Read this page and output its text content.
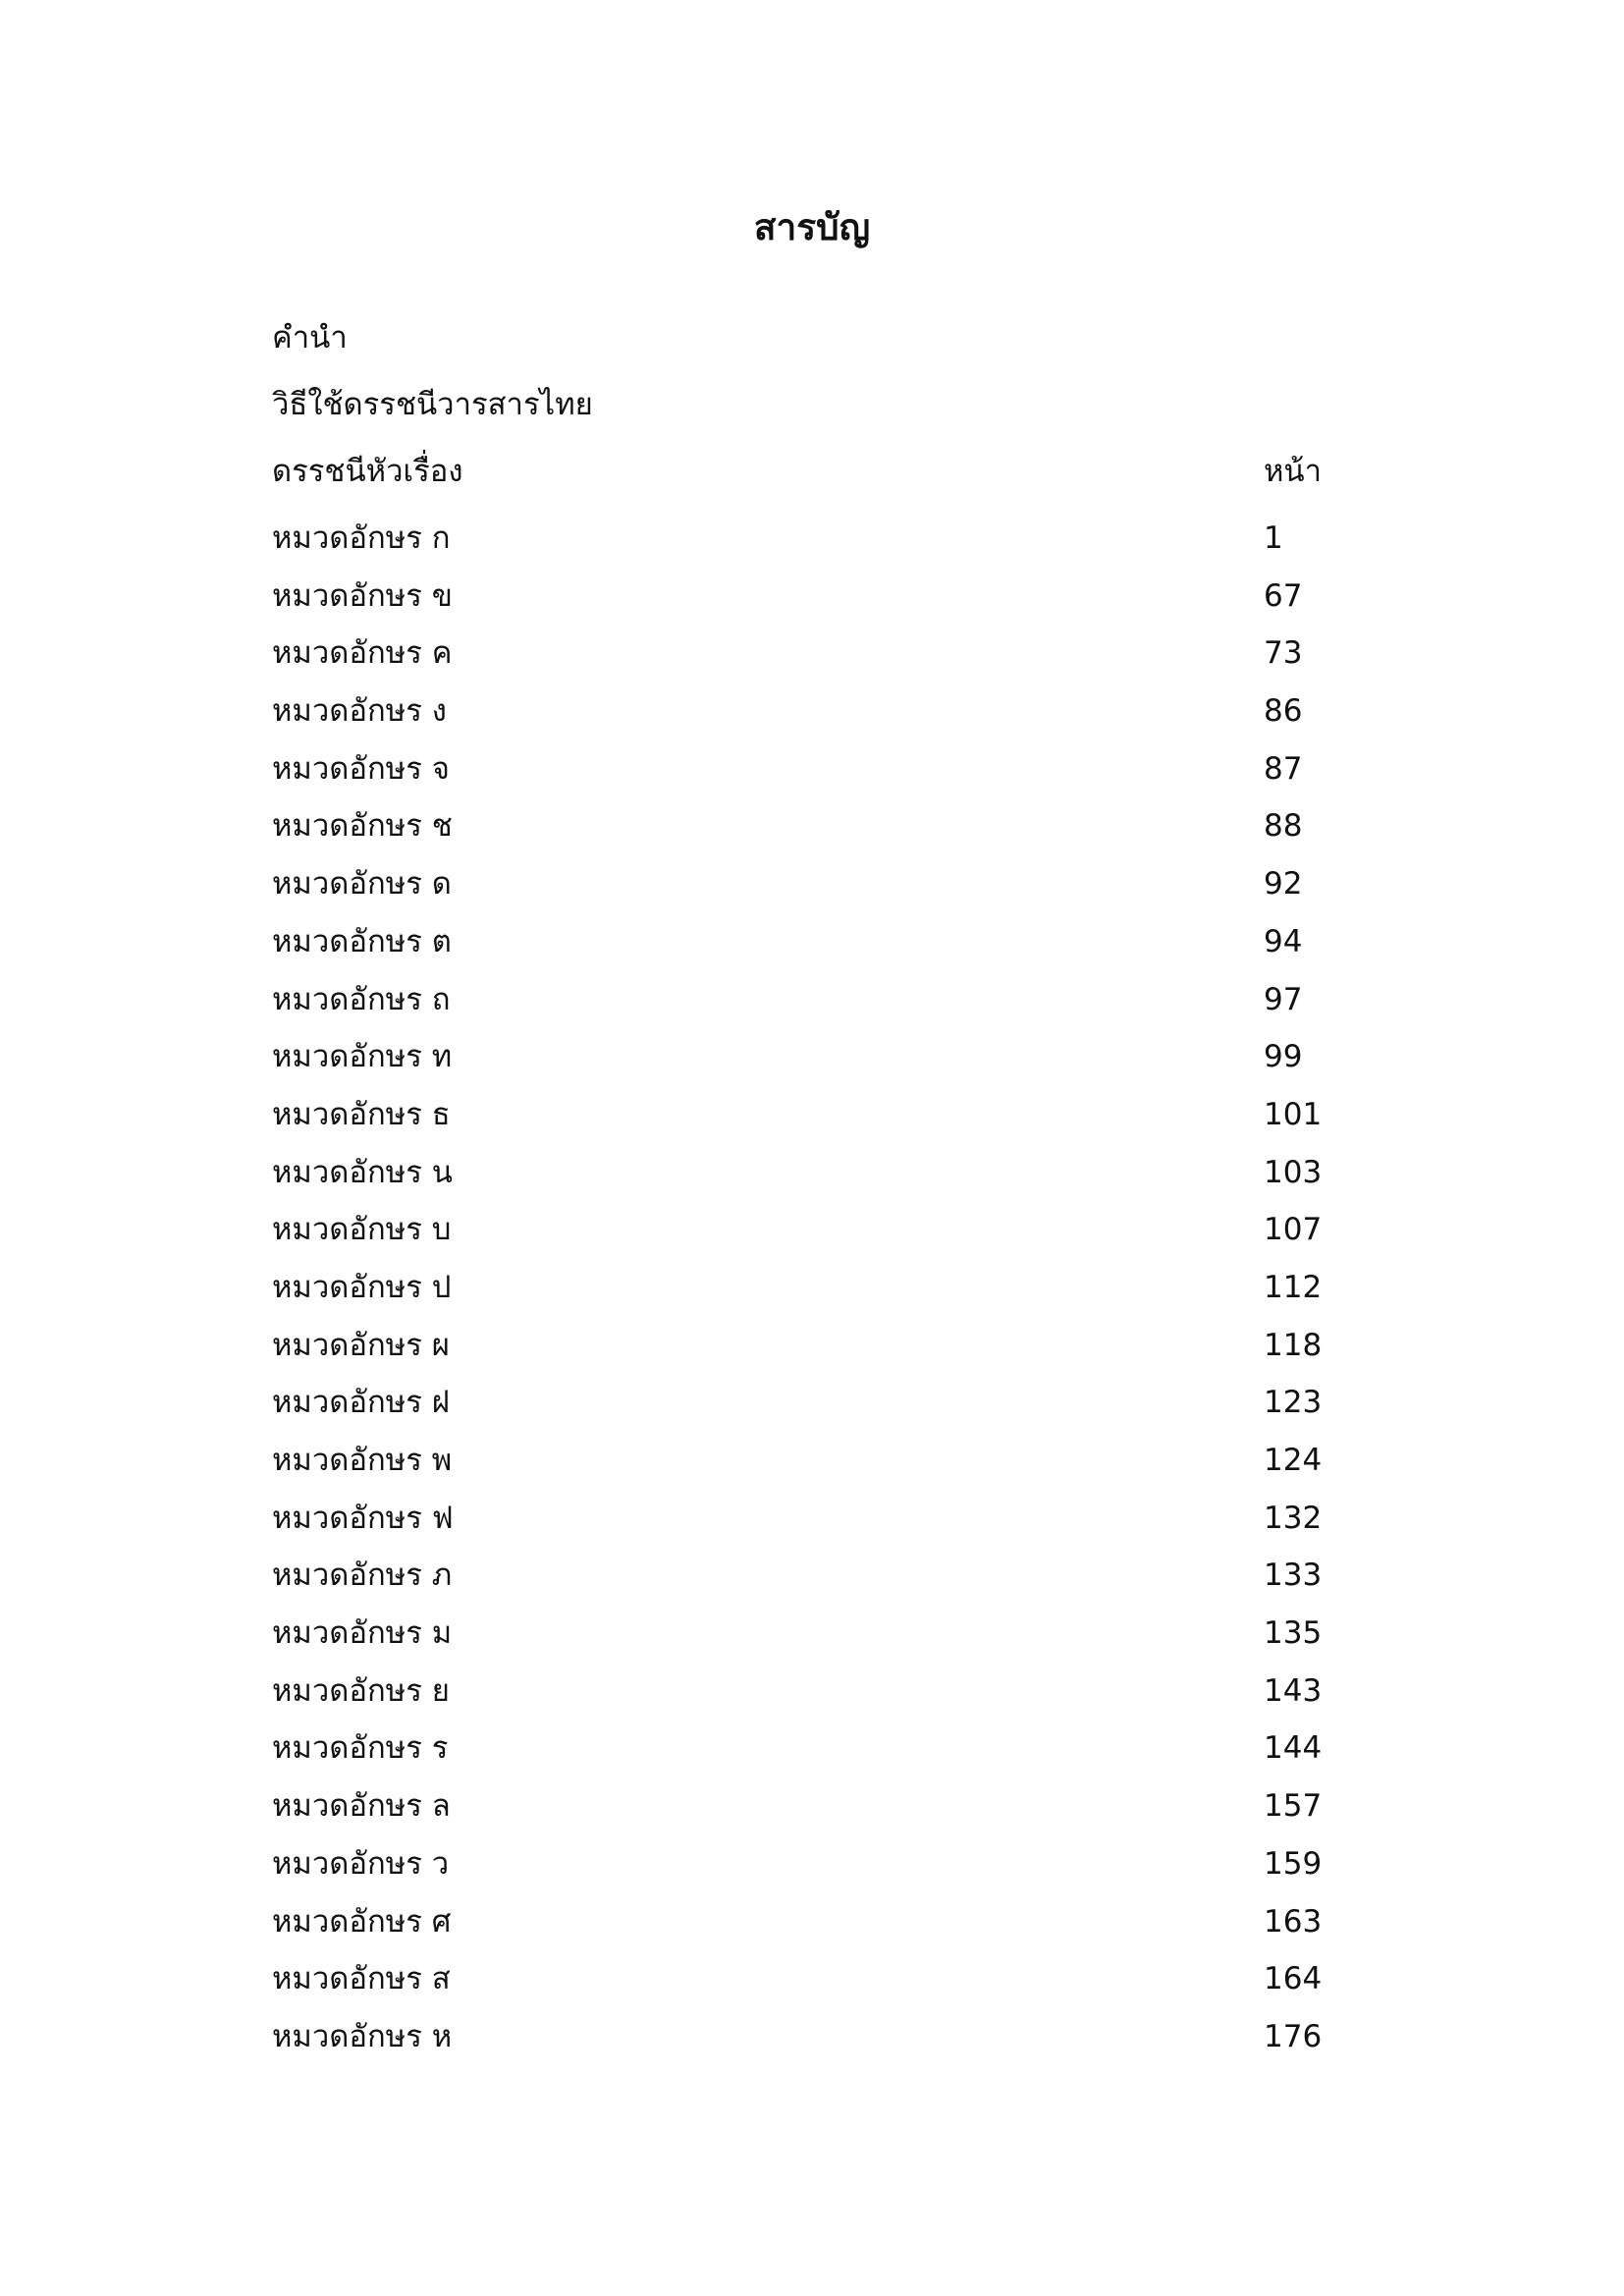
สารบัญ
คำนำ
วิธีใช้ดรรชนีวารสารไทย
ดรรชนีหัวเรื่อง	หน้า
หมวดอักษร ก	1
หมวดอักษร ข	67
หมวดอักษร ค	73
หมวดอักษร ง	86
หมวดอักษร จ	87
หมวดอักษร ช	88
หมวดอักษร ด	92
หมวดอักษร ต	94
หมวดอักษร ถ	97
หมวดอักษร ท	99
หมวดอักษร ธ	101
หมวดอักษร น	103
หมวดอักษร บ	107
หมวดอักษร ป	112
หมวดอักษร ผ	118
หมวดอักษร ฝ	123
หมวดอักษร พ	124
หมวดอักษร ฟ	132
หมวดอักษร ภ	133
หมวดอักษร ม	135
หมวดอักษร ย	143
หมวดอักษร ร	144
หมวดอักษร ล	157
หมวดอักษร ว	159
หมวดอักษร ศ	163
หมวดอักษร ส	164
หมวดอักษร ห	176
